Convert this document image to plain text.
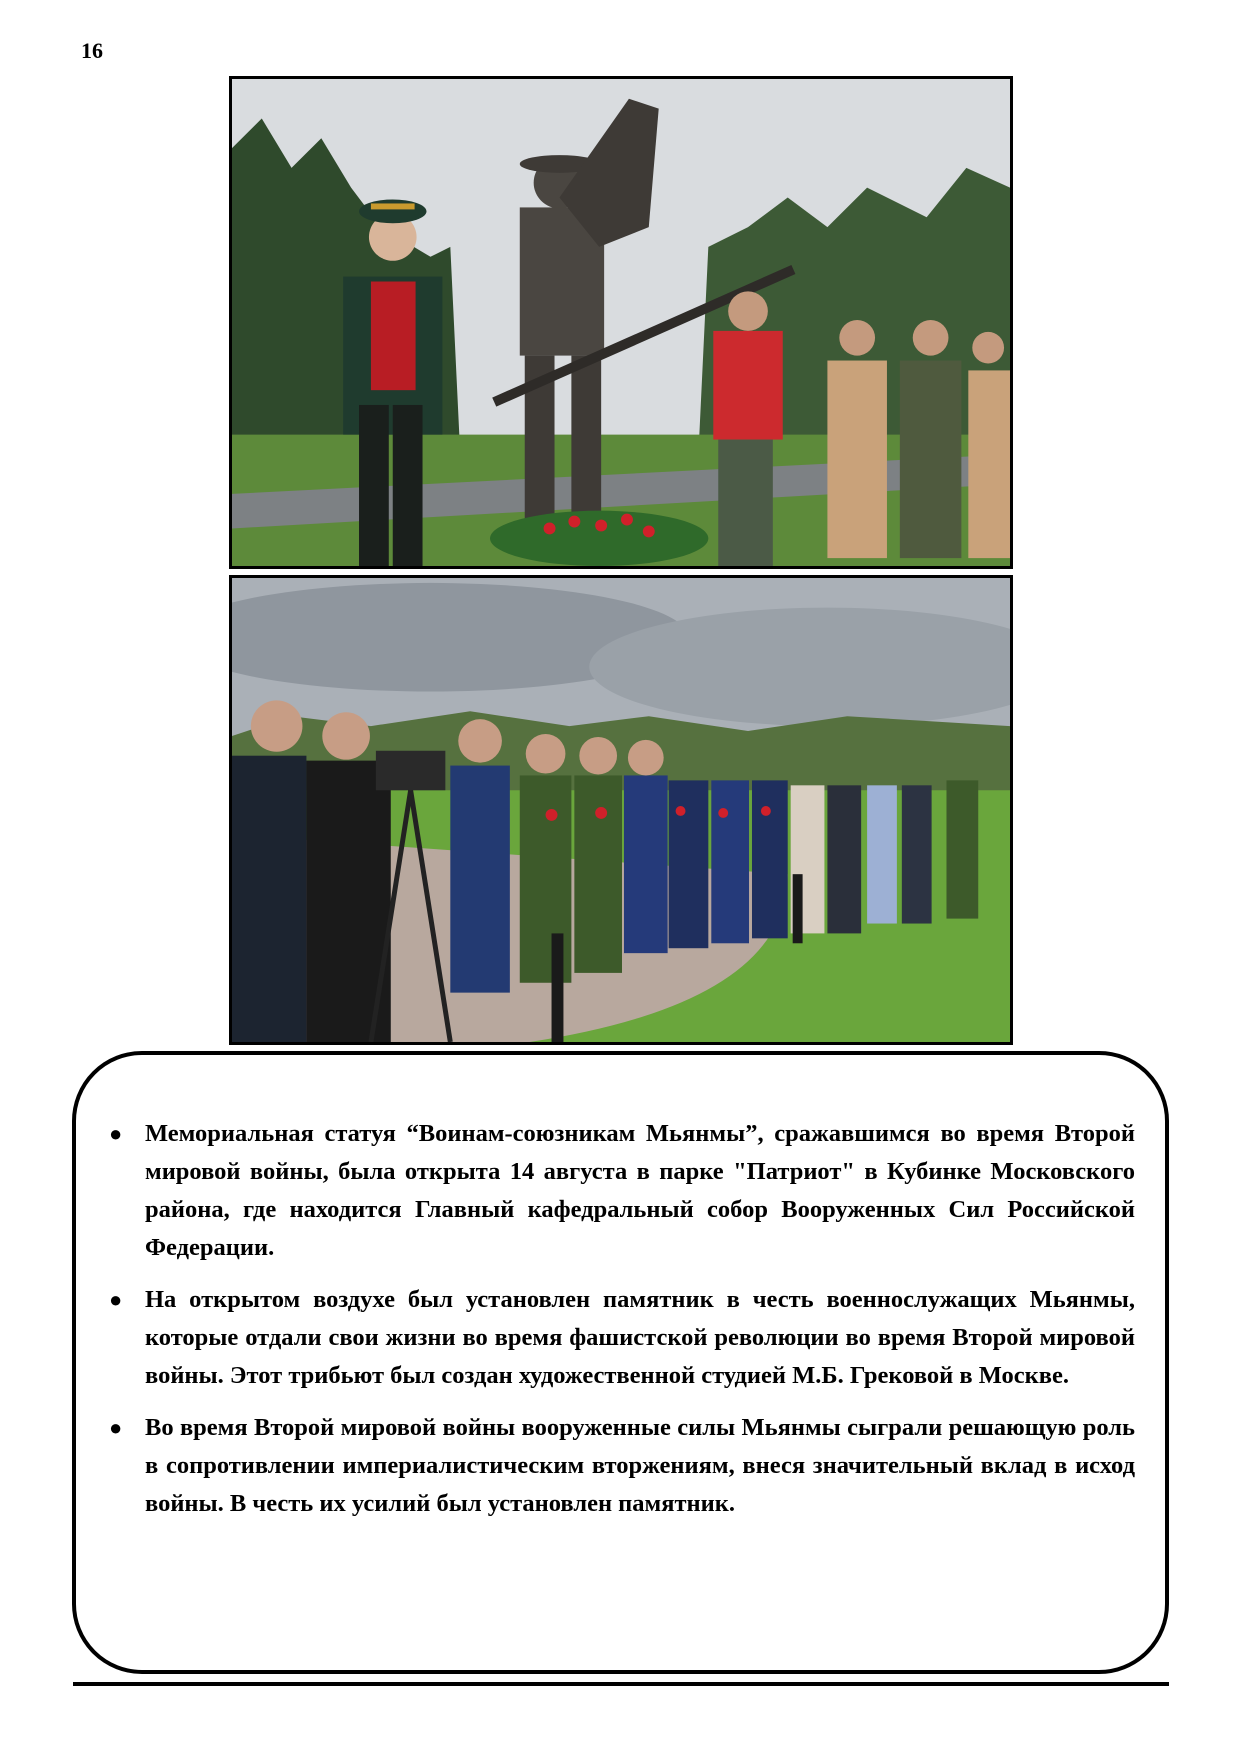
16
● Мемориальная статуя “Воинам-союзникам Мьянмы”, сражавшимся во время Второй мировой войны, была открыта 14 августа в парке "Патриот" в Кубинке Московского района, где находится Главный кафедральный собор Вооруженных Сил Российской Федерации.
● На открытом воздухе был установлен памятник в честь военнослужащих Мьянмы, которые отдали свои жизни во время фашистской революции во время Второй мировой войны. Этот трибьют был создан художественной студией М.Б. Грековой в Москве.
● Во время Второй мировой войны вооруженные силы Мьянмы сыграли решающую роль в сопротивлении империалистическим вторжениям, внеся значительный вклад в исход войны. В честь их усилий был установлен памятник.
